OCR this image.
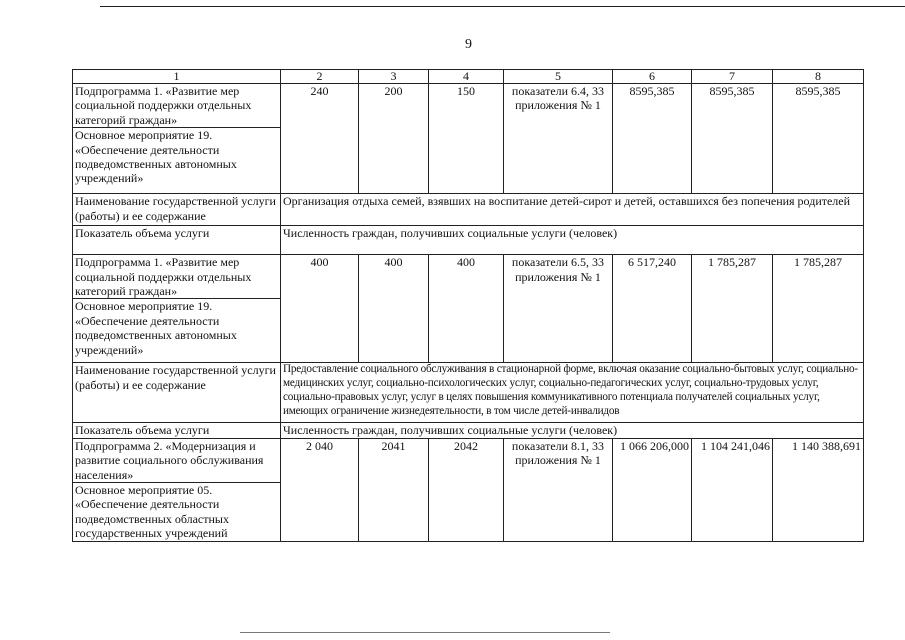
9
1	2	3	4	5	6	7	8
Подпрограмма 1. «Развитие мер социальной поддержки отдельных категорий граждан»	240	200	150	показатели 6.4, 33 приложения № 1	8595,385	8595,385	8595,385
Основное мероприятие 19. «Обеспечение деятельности подведомственных автономных учреждений»							
Наименование государственной услуги (работы) и ее содержание	Организация отдыха семей, взявших на воспитание детей-сирот и детей, оставшихся без попечения родителей						
Показатель объема услуги	Численность граждан, получивших социальные услуги (человек)						
Подпрограмма 1. «Развитие мер социальной поддержки отдельных категорий граждан»	400	400	400	показатели 6.5, 33 приложения № 1	6 517,240	1 785,287	1 785,287
Основное мероприятие 19. «Обеспечение деятельности подведомственных автономных учреждений»							
Наименование государственной услуги (работы) и ее содержание	Предоставление социального обслуживания в стационарной форме, включая оказание социально-бытовых услуг, социально-медицинских услуг, социально-психологических услуг, социально-педагогических услуг, социально-трудовых услуг, социально-правовых услуг, услуг в целях повышения коммуникативного потенциала получателей социальных услуг, имеющих ограничение жизнедеятельности, в том числе детей-инвалидов						
Показатель объема услуги	Численность граждан, получивших социальные услуги (человек)						
Подпрограмма 2. «Модернизация и развитие социального обслуживания населения»	2 040	2041	2042	показатели 8.1, 33 приложения № 1	1 066 206,000	1 104 241,046	1 140 388,691
Основное мероприятие 05. «Обеспечение деятельности подведомственных областных государственных учреждений							
